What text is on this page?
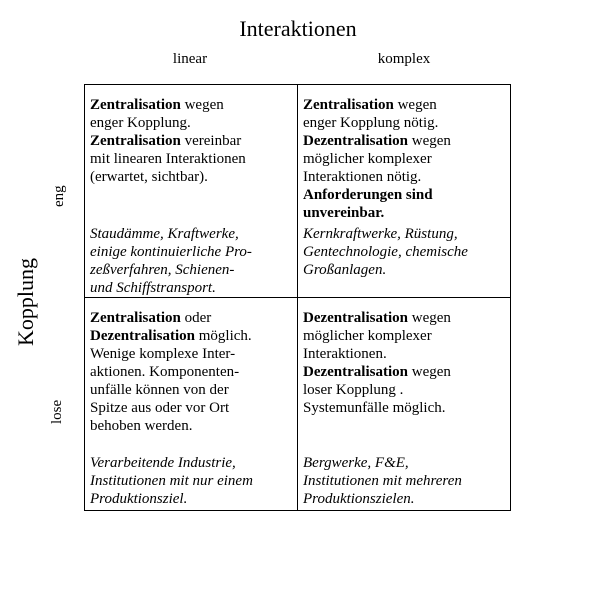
Interaktionen
linear	komplex
Kopplung
eng
lose
Zentralisation wegen
enger Kopplung.
Zentralisation vereinbar
mit linearen Interaktionen
(erwartet, sichtbar).
Staudämme, Kraftwerke,
einige kontinuierliche Pro-
zeßverfahren, Schienen-
und Schiffstransport.
Zentralisation wegen
enger Kopplung nötig.
Dezentralisation wegen
möglicher komplexer
Interaktionen nötig.
Anforderungen sind
unvereinbar.
Kernkraftwerke, Rüstung,
Gentechnologie, chemische
Großanlagen.
Zentralisation oder
Dezentralisation möglich.
Wenige komplexe Inter-
aktionen. Komponenten-
unfälle können von der
Spitze aus oder vor Ort
behoben werden.
Verarbeitende Industrie,
Institutionen mit nur einem
Produktionsziel.
Dezentralisation wegen
möglicher komplexer
Interaktionen.
Dezentralisation wegen
loser Kopplung .
Systemunfälle möglich.
Bergwerke, F&E,
Institutionen mit mehreren
Produktionszielen.
